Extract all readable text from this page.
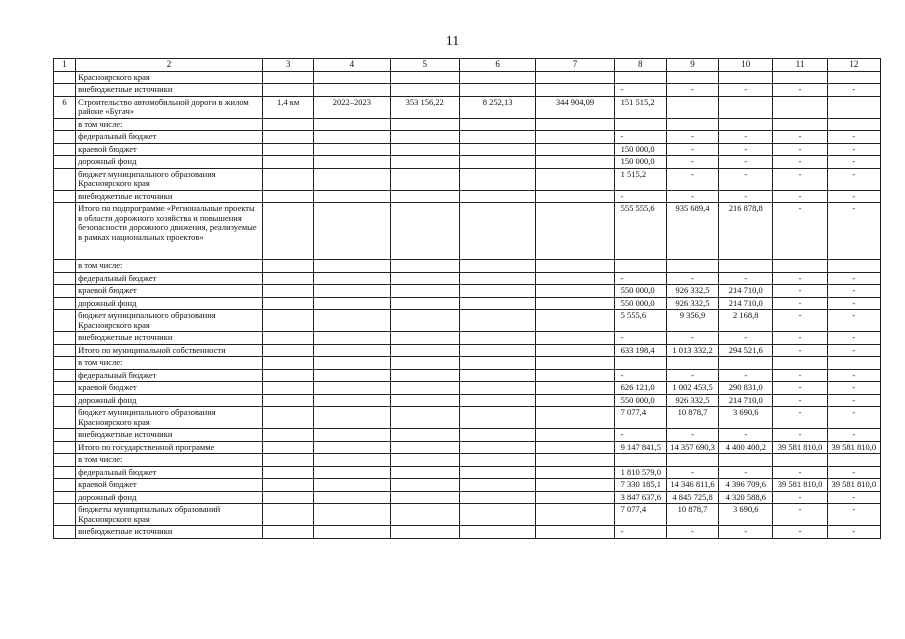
11
1	2	3	4	5	6	7	8	9	10	11	12
	Красноярского края										
	внебюджетные источники						-	-	-	-	-
6	Строительство автомобильной дороги в жилом районе «Бугач»	1,4 км	2022–2023	353 156,22	8 252,13	344 904,09	151 515,2				
	в том числе:										
	федеральный бюджет						-	-	-	-	-
	краевой бюджет						150 000,0	-	-	-	-
	дорожный фонд						150 000,0	-	-	-	-
	бюджет муниципального образования Красноярского края						1 515,2	-	-	-	-
	внебюджетные источники						-	-	-	-	-
	Итого по подпрограмме «Региональные проекты в области дорожного хозяйства и повышения безопасности дорожного движения, реализуемые в рамках национальных проектов»						555 555,6	935 689,4	216 878,8	-	-
	в том числе:										
	федеральный бюджет						-	-	-	-	-
	краевой бюджет						550 000,0	926 332,5	214 710,0	-	-
	дорожный фонд						550 000,0	926 332,5	214 710,0	-	-
	бюджет муниципального образования Красноярского края						5 555,6	9 356,9	2 168,8	-	-
	внебюджетные источники						-	-	-	-	-
	Итого по муниципальной собственности						633 198,4	1 013 332,2	294 521,6	-	-
	в том числе:										
	федеральный бюджет						-	-	-	-	-
	краевой бюджет						626 121,0	1 002 453,5	290 831,0	-	-
	дорожный фонд						550 000,0	926 332,5	214 710,0	-	-
	бюджет муниципального образования Красноярского края						7 077,4	10 878,7	3 690,6	-	-
	внебюджетные источники						-	-	-	-	-
	Итого по государственной программе						9 147 841,5	14 357 690,3	4 400 400,2	39 581 810,0	39 581 810,0
	в том числе:										
	федеральный бюджет						1 810 579,0	-	-	-	-
	краевой бюджет						7 330 185,1	14 346 811,6	4 396 709,6	39 581 810,0	39 581 810,0
	дорожный фонд						3 847 637,6	4 845 725,8	4 320 588,6	-	-
	бюджеты муниципальных образований Красноярского края						7 077,4	10 878,7	3 690,6	-	-
	внебюджетные источники						-	-	-	-	-
